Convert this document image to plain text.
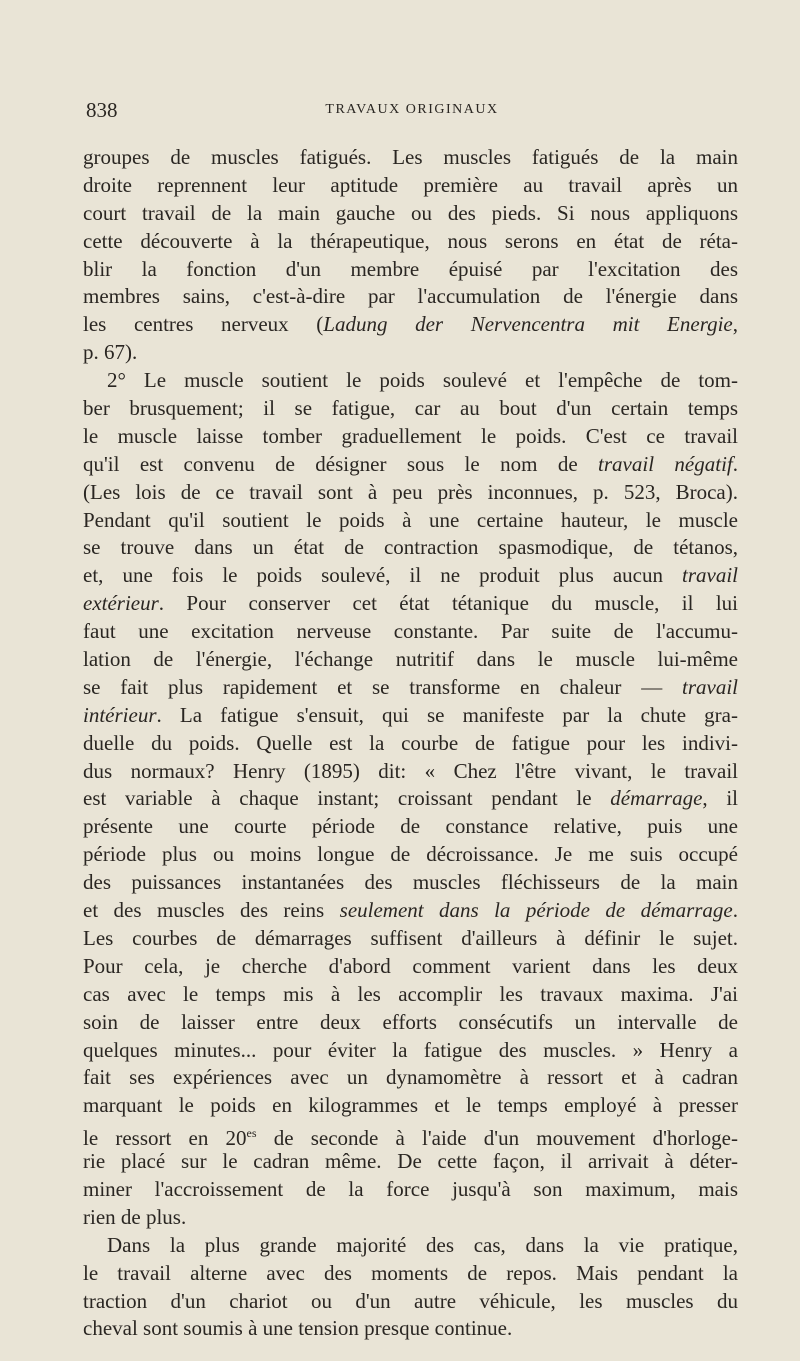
838	TRAVAUX ORIGINAUX
groupes de muscles fatigués. Les muscles fatigués de la main
droite reprennent leur aptitude première au travail après un
court travail de la main gauche ou des pieds. Si nous appliquons
cette découverte à la thérapeutique, nous serons en état de réta-
blir la fonction d'un membre épuisé par l'excitation des
membres sains, c'est-à-dire par l'accumulation de l'énergie dans
les centres nerveux (Ladung der Nervencentra mit Energie,
p. 67).
2° Le muscle soutient le poids soulevé et l'empêche de tom-
ber brusquement; il se fatigue, car au bout d'un certain temps
le muscle laisse tomber graduellement le poids. C'est ce travail
qu'il est convenu de désigner sous le nom de travail négatif.
(Les lois de ce travail sont à peu près inconnues, p. 523, Broca).
Pendant qu'il soutient le poids à une certaine hauteur, le muscle
se trouve dans un état de contraction spasmodique, de tétanos,
et, une fois le poids soulevé, il ne produit plus aucun travail
extérieur. Pour conserver cet état tétanique du muscle, il lui
faut une excitation nerveuse constante. Par suite de l'accumu-
lation de l'énergie, l'échange nutritif dans le muscle lui-même
se fait plus rapidement et se transforme en chaleur — travail
intérieur. La fatigue s'ensuit, qui se manifeste par la chute gra-
duelle du poids. Quelle est la courbe de fatigue pour les indivi-
dus normaux? Henry (1895) dit: « Chez l'être vivant, le travail
est variable à chaque instant; croissant pendant le démarrage, il
présente une courte période de constance relative, puis une
période plus ou moins longue de décroissance. Je me suis occupé
des puissances instantanées des muscles fléchisseurs de la main
et des muscles des reins seulement dans la période de démarrage.
Les courbes de démarrages suffisent d'ailleurs à définir le sujet.
Pour cela, je cherche d'abord comment varient dans les deux
cas avec le temps mis à les accomplir les travaux maxima. J'ai
soin de laisser entre deux efforts consécutifs un intervalle de
quelques minutes... pour éviter la fatigue des muscles. » Henry a
fait ses expériences avec un dynamomètre à ressort et à cadran
marquant le poids en kilogrammes et le temps employé à presser
le ressort en $20^{es}$ de seconde à l'aide d'un mouvement d'horloge-
rie placé sur le cadran même. De cette façon, il arrivait à déter-
miner l'accroissement de la force jusqu'à son maximum, mais
rien de plus.
Dans la plus grande majorité des cas, dans la vie pratique,
le travail alterne avec des moments de repos. Mais pendant la
traction d'un chariot ou d'un autre véhicule, les muscles du
cheval sont soumis à une tension presque continue.
